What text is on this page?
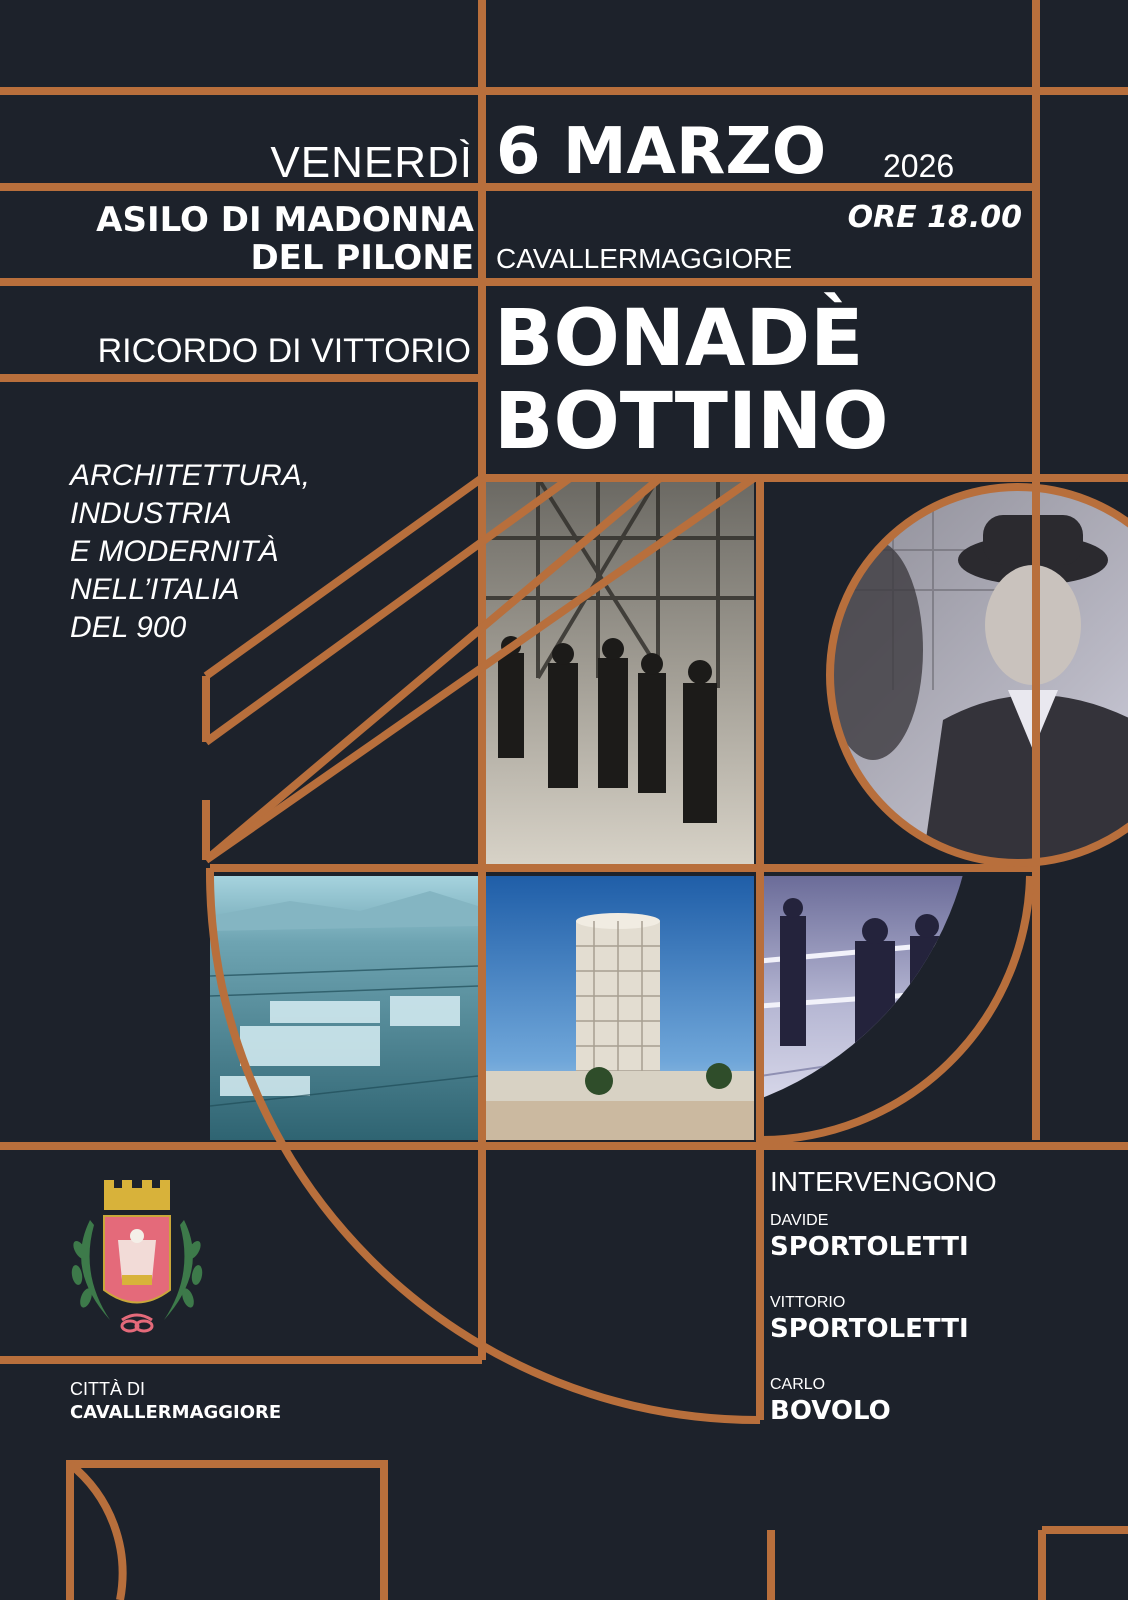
VENERDÌ 6 MARZO 2026

ASILO DI MADONNA

DEL PILONE

ORE 18.00

CAVALLERMAGGIORE

RICORDO DI VITTORIO BONADÈ

BOTTINO

ARCHITETTURA,

INDUSTRIA

E MODERNITÀ

NELL’ITALIA

DEL 900

INTERVENGONO

DAVIDE

SPORTOLETTI

VITTORIO

SPORTOLETTI

CARLO

BOVOLO

CITTÀ DI

CAVALLERMAGGIORE
